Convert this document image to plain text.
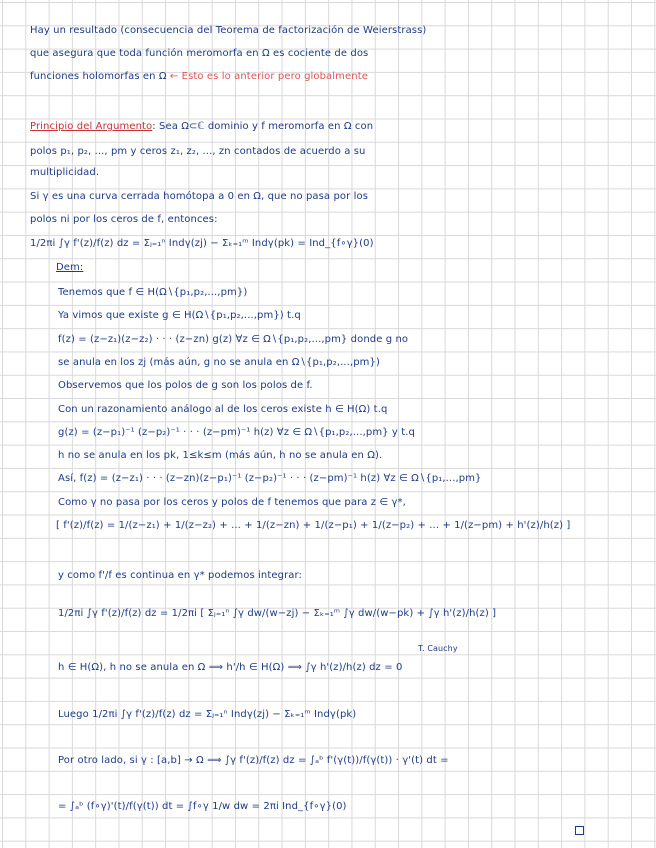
Hay un resultado (consecuencia del Teorema de factorización de Weierstrass)
que asegura que toda función meromorfa en Ω es cociente de dos
funciones holomorfas en Ω ← Esto es lo anterior pero globalmente
Principio del Argumento: Sea Ω⊂ℂ dominio y f meromorfa en Ω con
polos p₁, p₂, ..., pm y ceros z₁, z₂, ..., zn contados de acuerdo a su
multiplicidad.
Si γ es una curva cerrada homótopa a 0 en Ω, que no pasa por los
polos ni por los ceros de f, entonces:
1/2πi ∫γ f'(z)/f(z) dz = Σⱼ₌₁ⁿ Indγ(zj) − Σₖ₌₁ᵐ Indγ(pk) = Ind_{f∘γ}(0)
Dem:
Tenemos que f ∈ H(Ω∖{p₁,p₂,...,pm})
Ya vimos que existe g ∈ H(Ω∖{p₁,p₂,...,pm}) t.q
f(z) = (z−z₁)(z−z₂) · · · (z−zn) g(z) ∀z ∈ Ω∖{p₁,p₂,...,pm} donde g no
se anula en los zj (más aún, g no se anula en Ω∖{p₁,p₂,...,pm})
Observemos que los polos de g son los polos de f.
Con un razonamiento análogo al de los ceros existe h ∈ H(Ω) t.q
g(z) = (z−p₁)⁻¹ (z−p₂)⁻¹ · · · (z−pm)⁻¹ h(z) ∀z ∈ Ω∖{p₁,p₂,...,pm} y t.q
h no se anula en los pk, 1≤k≤m (más aún, h no se anula en Ω).
Así, f(z) = (z−z₁) · · · (z−zn)(z−p₁)⁻¹ (z−p₂)⁻¹ · · · (z−pm)⁻¹ h(z) ∀z ∈ Ω∖{p₁,...,pm}
Como γ no pasa por los ceros y polos de f tenemos que para z ∈ γ*,
[ f'(z)/f(z) = 1/(z−z₁) + 1/(z−z₂) + ... + 1/(z−zn) + 1/(z−p₁) + 1/(z−p₂) + ... + 1/(z−pm) + h'(z)/h(z) ]
y como f'/f es continua en γ* podemos integrar:
1/2πi ∫γ f'(z)/f(z) dz = 1/2πi [ Σⱼ₌₁ⁿ ∫γ dw/(w−zj) − Σₖ₌₁ᵐ ∫γ dw/(w−pk) + ∫γ h'(z)/h(z) ]
T. Cauchy
h ∈ H(Ω), h no se anula en Ω ⟹ h'/h ∈ H(Ω) ⟹ ∫γ h'(z)/h(z) dz = 0
Luego 1/2πi ∫γ f'(z)/f(z) dz = Σⱼ₌₁ⁿ Indγ(zj) − Σₖ₌₁ᵐ Indγ(pk)
Por otro lado, si γ : [a,b] → Ω ⟹ ∫γ f'(z)/f(z) dz = ∫ₐᵇ f'(γ(t))/f(γ(t)) · γ'(t) dt =
= ∫ₐᵇ (f∘γ)'(t)/f(γ(t)) dt = ∫f∘γ 1/w dw = 2πi Ind_{f∘γ}(0)
